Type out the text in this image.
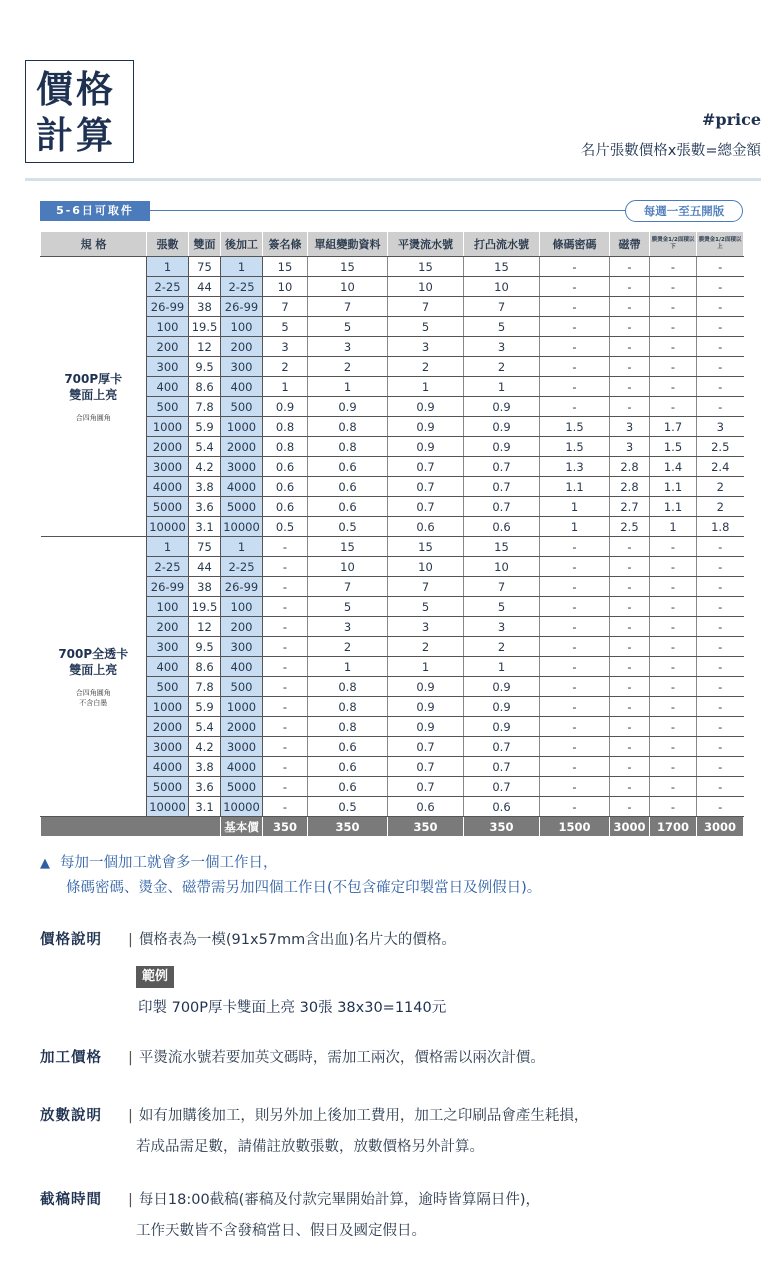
價格
計算	#price
名片張數價格x張數=總金額
5-6日可取件	每週一至五開版
規 格	張數	雙面	後加工	簽名條	單組變動資料	平燙流水號	打凸流水號	條碼密碼	磁帶	膜燙金1/2面積以下	膜燙金1/2面積以上

700P厚卡
雙面上亮
合四角圓角	1	75	1	15	15	15	15	-	-	-	-
	2-25	44	2-25	10	10	10	10	-	-	-	-
	26-99	38	26-99	7	7	7	7	-	-	-	-
	100	19.5	100	5	5	5	5	-	-	-	-
	200	12	200	3	3	3	3	-	-	-	-
	300	9.5	300	2	2	2	2	-	-	-	-
	400	8.6	400	1	1	1	1	-	-	-	-
	500	7.8	500	0.9	0.9	0.9	0.9	-	-	-	-
	1000	5.9	1000	0.8	0.8	0.9	0.9	1.5	3	1.7	3
	2000	5.4	2000	0.8	0.8	0.9	0.9	1.5	3	1.5	2.5
	3000	4.2	3000	0.6	0.6	0.7	0.7	1.3	2.8	1.4	2.4
	4000	3.8	4000	0.6	0.6	0.7	0.7	1.1	2.8	1.1	2
	5000	3.6	5000	0.6	0.6	0.7	0.7	1	2.7	1.1	2
	10000	3.1	10000	0.5	0.5	0.6	0.6	1	2.5	1	1.8

700P全透卡
雙面上亮
合四角圓角
不含白墨	1	75	1	-	15	15	15	-	-	-	-
	2-25	44	2-25	-	10	10	10	-	-	-	-
	26-99	38	26-99	-	7	7	7	-	-	-	-
	100	19.5	100	-	5	5	5	-	-	-	-
	200	12	200	-	3	3	3	-	-	-	-
	300	9.5	300	-	2	2	2	-	-	-	-
	400	8.6	400	-	1	1	1	-	-	-	-
	500	7.8	500	-	0.8	0.9	0.9	-	-	-	-
	1000	5.9	1000	-	0.8	0.9	0.9	-	-	-	-
	2000	5.4	2000	-	0.8	0.9	0.9	-	-	-	-
	3000	4.2	3000	-	0.6	0.7	0.7	-	-	-	-
	4000	3.8	4000	-	0.6	0.7	0.7	-	-	-	-
	5000	3.6	5000	-	0.6	0.7	0.7	-	-	-	-
	10000	3.1	10000	-	0.5	0.6	0.6	-	-	-	-
			基本價	350	350	350	350	1500	3000	1700	3000
▲ 每加一個加工就會多一個工作日，
條碼密碼、燙金、磁帶需另加四個工作日(不包含確定印製當日及例假日)。
價格說明 | 價格表為一模(91x57mm含出血)名片大的價格。
範例
印製 700P厚卡雙面上亮 30張 38x30=1140元
加工價格 | 平燙流水號若要加英文碼時，需加工兩次，價格需以兩次計價。
放數說明 | 如有加購後加工，則另外加上後加工費用，加工之印刷品會產生耗損，
若成品需足數，請備註放數張數，放數價格另外計算。
截稿時間 | 每日18:00截稿(審稿及付款完畢開始計算，逾時皆算隔日件)，
工作天數皆不含發稿當日、假日及國定假日。
